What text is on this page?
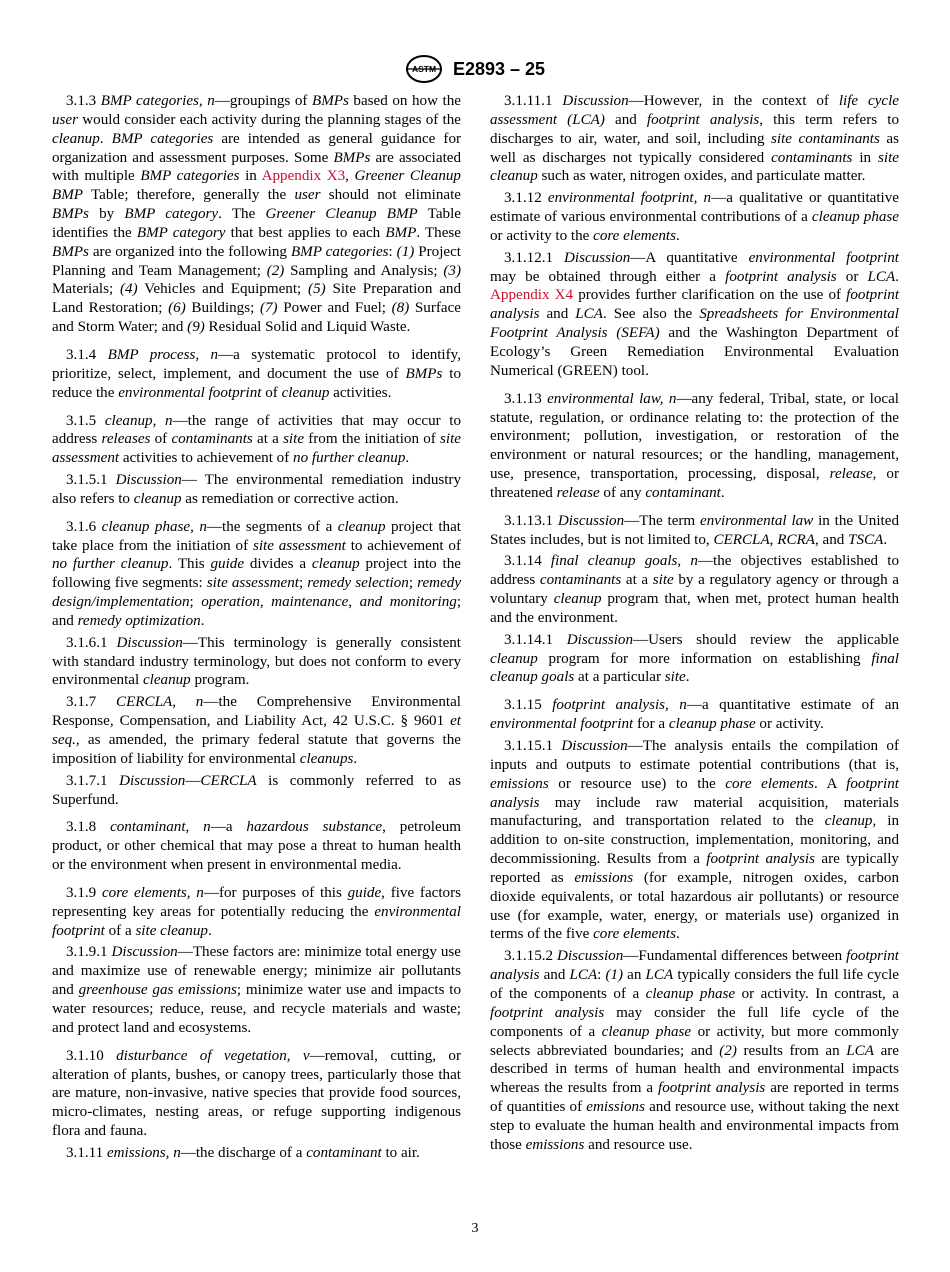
ASTM E2893 – 25

3.1.3 BMP categories, n—groupings of BMPs based on how the user would consider each activity during the planning stages of the cleanup. BMP categories are intended as general guidance for organization and assessment purposes. Some BMPs are associated with multiple BMP categories in Appendix X3, Greener Cleanup BMP Table; therefore, generally the user should not eliminate BMPs by BMP category. The Greener Cleanup BMP Table identifies the BMP category that best applies to each BMP. These BMPs are organized into the following BMP categories: (1) Project Planning and Team Management; (2) Sampling and Analysis; (3) Materials; (4) Vehicles and Equipment; (5) Site Preparation and Land Restoration; (6) Buildings; (7) Power and Fuel; (8) Surface and Storm Water; and (9) Residual Solid and Liquid Waste.

3.1.4 BMP process, n—a systematic protocol to identify, prioritize, select, implement, and document the use of BMPs to reduce the environmental footprint of cleanup activities.

3.1.5 cleanup, n—the range of activities that may occur to address releases of contaminants at a site from the initiation of site assessment activities to achievement of no further cleanup.

3.1.5.1 Discussion— The environmental remediation industry also refers to cleanup as remediation or corrective action.

3.1.6 cleanup phase, n—the segments of a cleanup project that take place from the initiation of site assessment to achievement of no further cleanup. This guide divides a cleanup project into the following five segments: site assessment; remedy selection; remedy design/implementation; operation, maintenance, and monitoring; and remedy optimization.

3.1.6.1 Discussion—This terminology is generally consistent with standard industry terminology, but does not conform to every environmental cleanup program.

3.1.7 CERCLA, n—the Comprehensive Environmental Response, Compensation, and Liability Act, 42 U.S.C. § 9601 et seq., as amended, the primary federal statute that governs the imposition of liability for environmental cleanups.

3.1.7.1 Discussion—CERCLA is commonly referred to as Superfund.

3.1.8 contaminant, n—a hazardous substance, petroleum product, or other chemical that may pose a threat to human health or the environment when present in environmental media.

3.1.9 core elements, n—for purposes of this guide, five factors representing key areas for potentially reducing the environmental footprint of a site cleanup.

3.1.9.1 Discussion—These factors are: minimize total energy use and maximize use of renewable energy; minimize air pollutants and greenhouse gas emissions; minimize water use and impacts to water resources; reduce, reuse, and recycle materials and waste; and protect land and ecosystems.

3.1.10 disturbance of vegetation, v—removal, cutting, or alteration of plants, bushes, or canopy trees, particularly those that are mature, non-invasive, native species that provide food sources, micro-climates, nesting areas, or refuge supporting indigenous flora and fauna.

3.1.11 emissions, n—the discharge of a contaminant to air.

3.1.11.1 Discussion—However, in the context of life cycle assessment (LCA) and footprint analysis, this term refers to discharges to air, water, and soil, including site contaminants as well as discharges not typically considered contaminants in site cleanup such as water, nitrogen oxides, and particulate matter.

3.1.12 environmental footprint, n—a qualitative or quantitative estimate of various environmental contributions of a cleanup phase or activity to the core elements.

3.1.12.1 Discussion—A quantitative environmental footprint may be obtained through either a footprint analysis or LCA. Appendix X4 provides further clarification on the use of footprint analysis and LCA. See also the Spreadsheets for Environmental Footprint Analysis (SEFA) and the Washington Department of Ecology’s Green Remediation Environmental Evaluation Numerical (GREEN) tool.

3.1.13 environmental law, n—any federal, Tribal, state, or local statute, regulation, or ordinance relating to: the protection of the environment; pollution, investigation, or restoration of the environment or natural resources; or the handling, management, use, presence, transportation, processing, disposal, release, or threatened release of any contaminant.

3.1.13.1 Discussion—The term environmental law in the United States includes, but is not limited to, CERCLA, RCRA, and TSCA.

3.1.14 final cleanup goals, n—the objectives established to address contaminants at a site by a regulatory agency or through a voluntary cleanup program that, when met, protect human health and the environment.

3.1.14.1 Discussion—Users should review the applicable cleanup program for more information on establishing final cleanup goals at a particular site.

3.1.15 footprint analysis, n—a quantitative estimate of an environmental footprint for a cleanup phase or activity.

3.1.15.1 Discussion—The analysis entails the compilation of inputs and outputs to estimate potential contributions (that is, emissions or resource use) to the core elements. A footprint analysis may include raw material acquisition, materials manufacturing, and transportation related to the cleanup, in addition to on-site construction, implementation, monitoring, and decommissioning. Results from a footprint analysis are typically reported as emissions (for example, nitrogen oxides, carbon dioxide equivalents, or total hazardous air pollutants) or resource use (for example, water, energy, or materials use) organized in terms of the five core elements.

3.1.15.2 Discussion—Fundamental differences between footprint analysis and LCA: (1) an LCA typically considers the full life cycle of the components of a cleanup phase or activity. In contrast, a footprint analysis may consider the full life cycle of the components of a cleanup phase or activity, but more commonly selects abbreviated boundaries; and (2) results from an LCA are described in terms of human health and environmental impacts whereas the results from a footprint analysis are reported in terms of quantities of emissions and resource use, without taking the next step to evaluate the human health and environmental impacts from those emissions and resource use.

3
